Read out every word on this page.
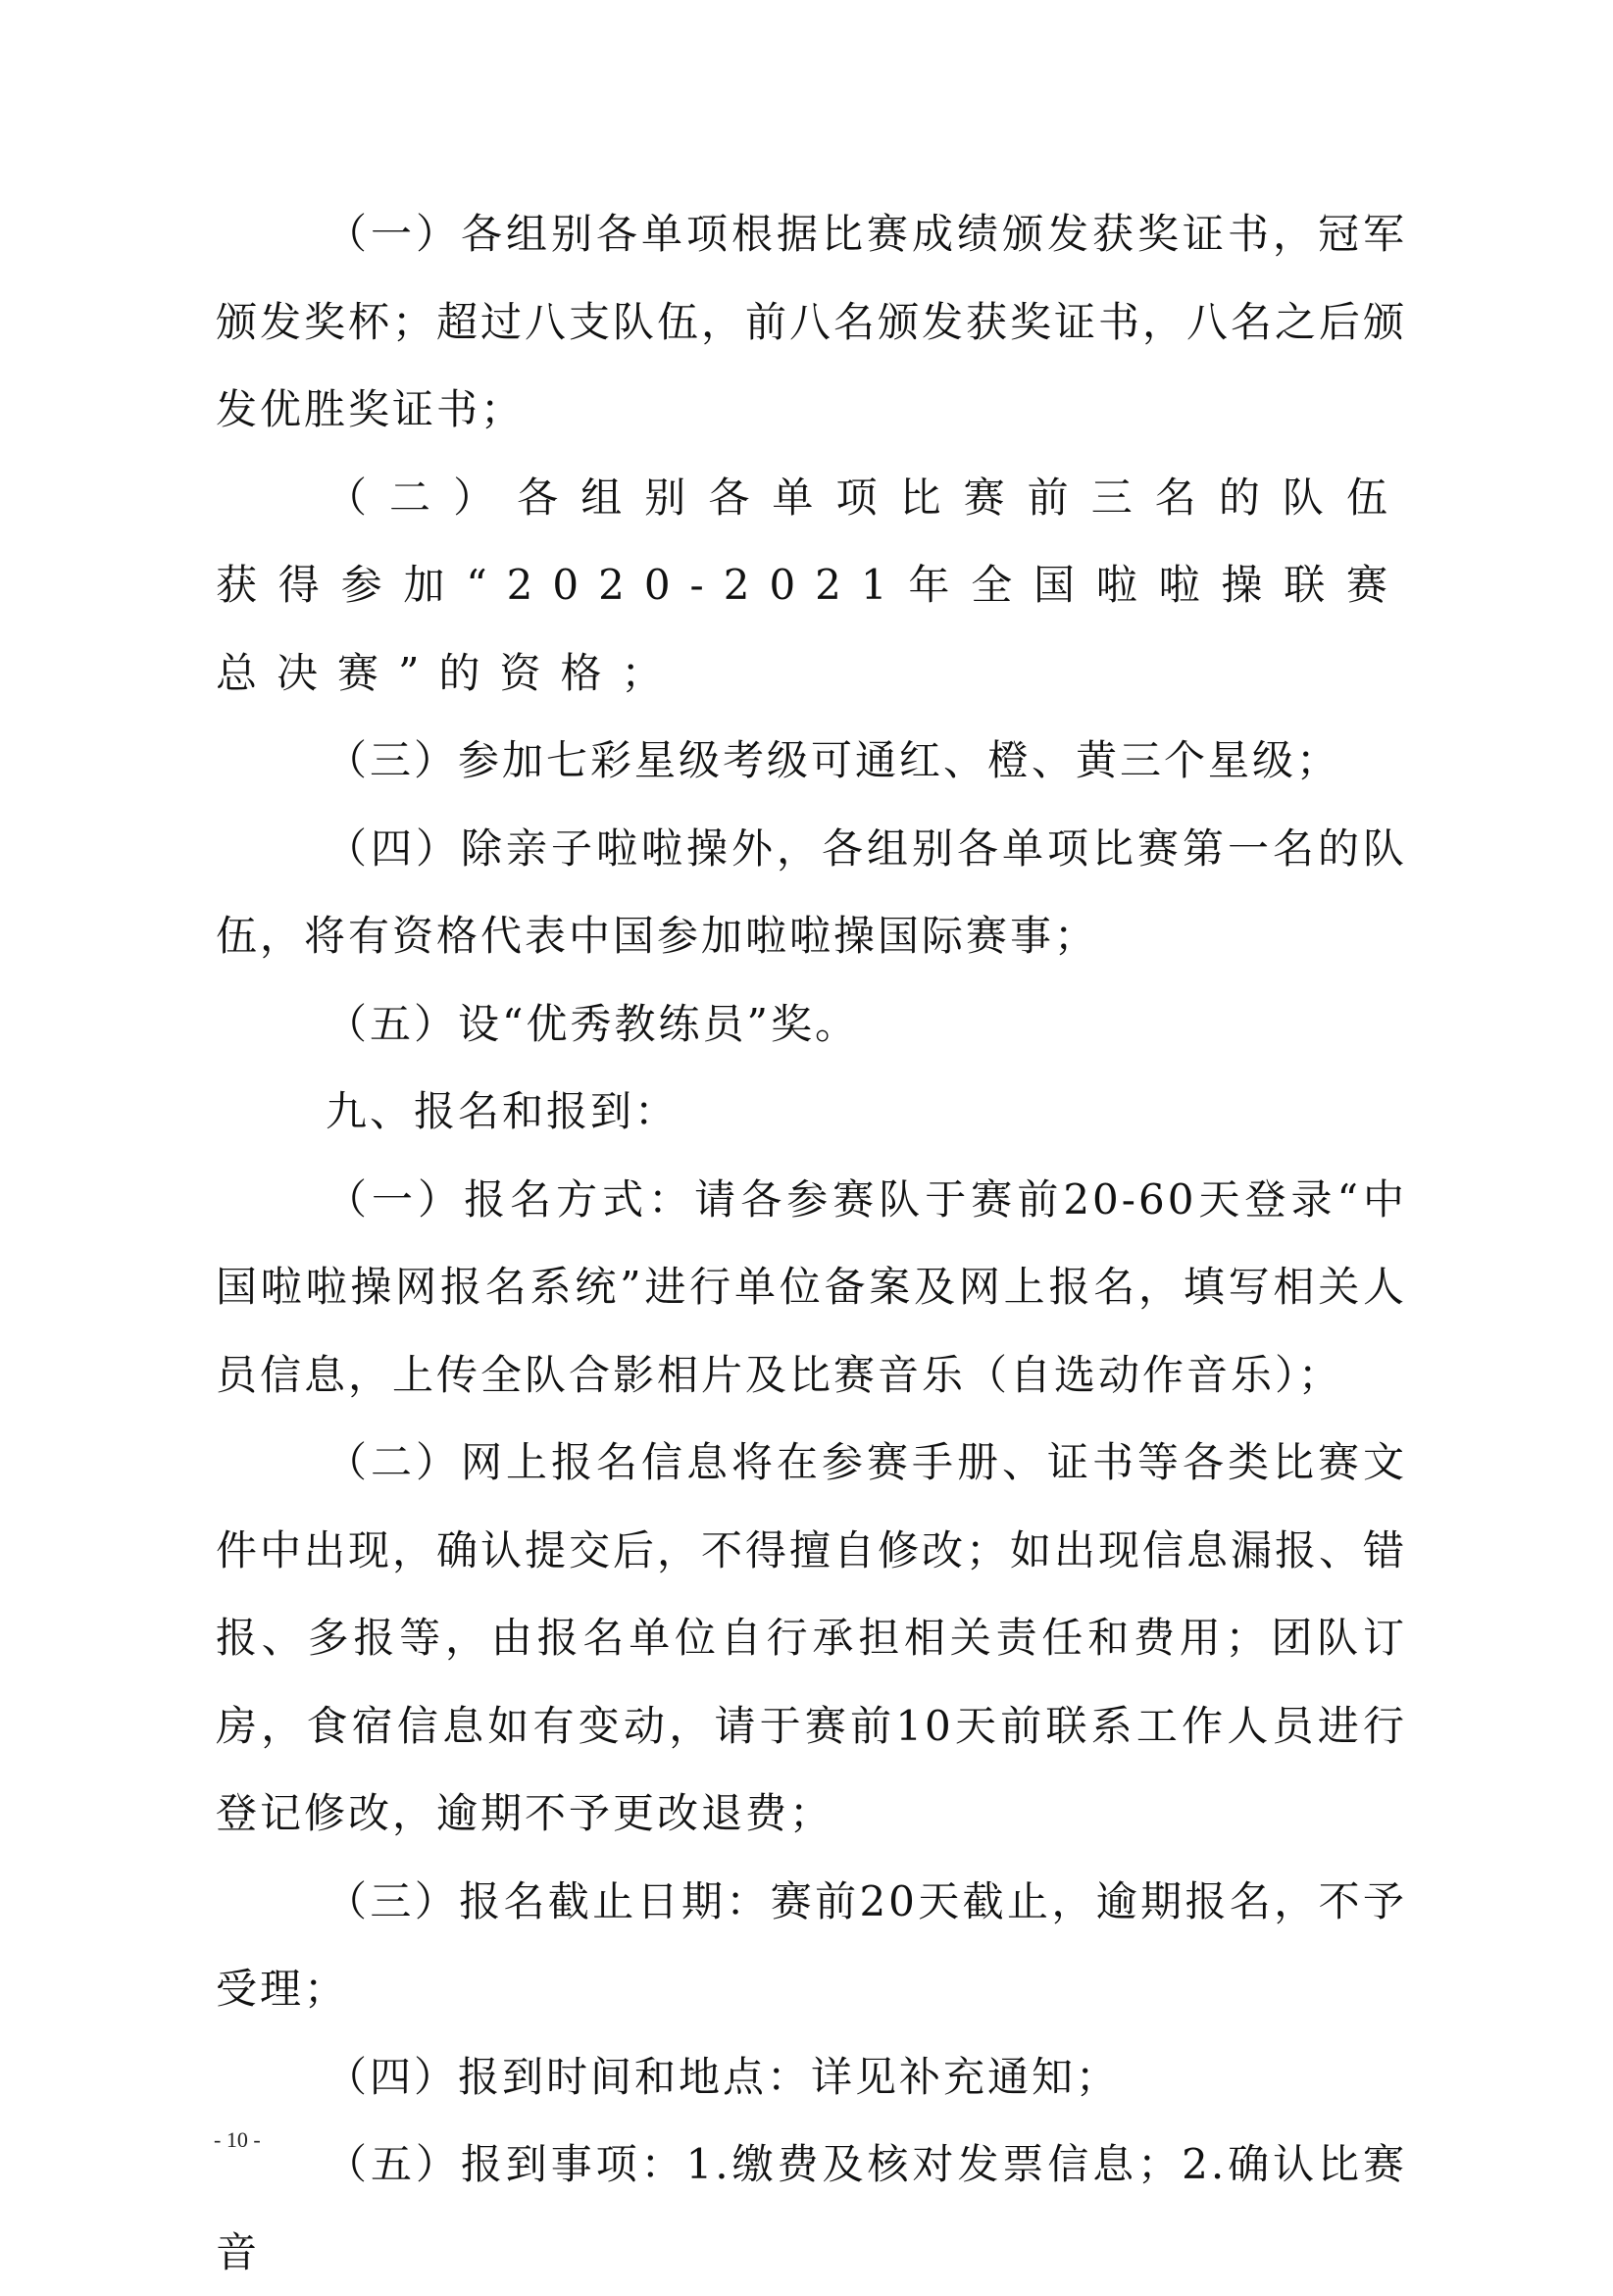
（一）各组别各单项根据比赛成绩颁发获奖证书，冠军颁发奖杯；超过八支队伍，前八名颁发获奖证书，八名之后颁发优胜奖证书；

（二）各组别各单项比赛前三名的队伍获得参加“2020-2021年全国啦啦操联赛总决赛”的资格；

（三）参加七彩星级考级可通红、橙、黄三个星级；

（四）除亲子啦啦操外，各组别各单项比赛第一名的队伍，将有资格代表中国参加啦啦操国际赛事；

（五）设“优秀教练员”奖。

九、报名和报到：

（一）报名方式：请各参赛队于赛前20-60天登录“中国啦啦操网报名系统”进行单位备案及网上报名，填写相关人员信息，上传全队合影相片及比赛音乐（自选动作音乐）；

（二）网上报名信息将在参赛手册、证书等各类比赛文件中出现，确认提交后，不得擅自修改；如出现信息漏报、错报、多报等，由报名单位自行承担相关责任和费用；团队订房，食宿信息如有变动，请于赛前10天前联系工作人员进行登记修改，逾期不予更改退费；

（三）报名截止日期：赛前20天截止，逾期报名，不予受理；

（四）报到时间和地点：详见补充通知；

（五）报到事项：1.缴费及核对发票信息；2.确认比赛音

- 10 -
